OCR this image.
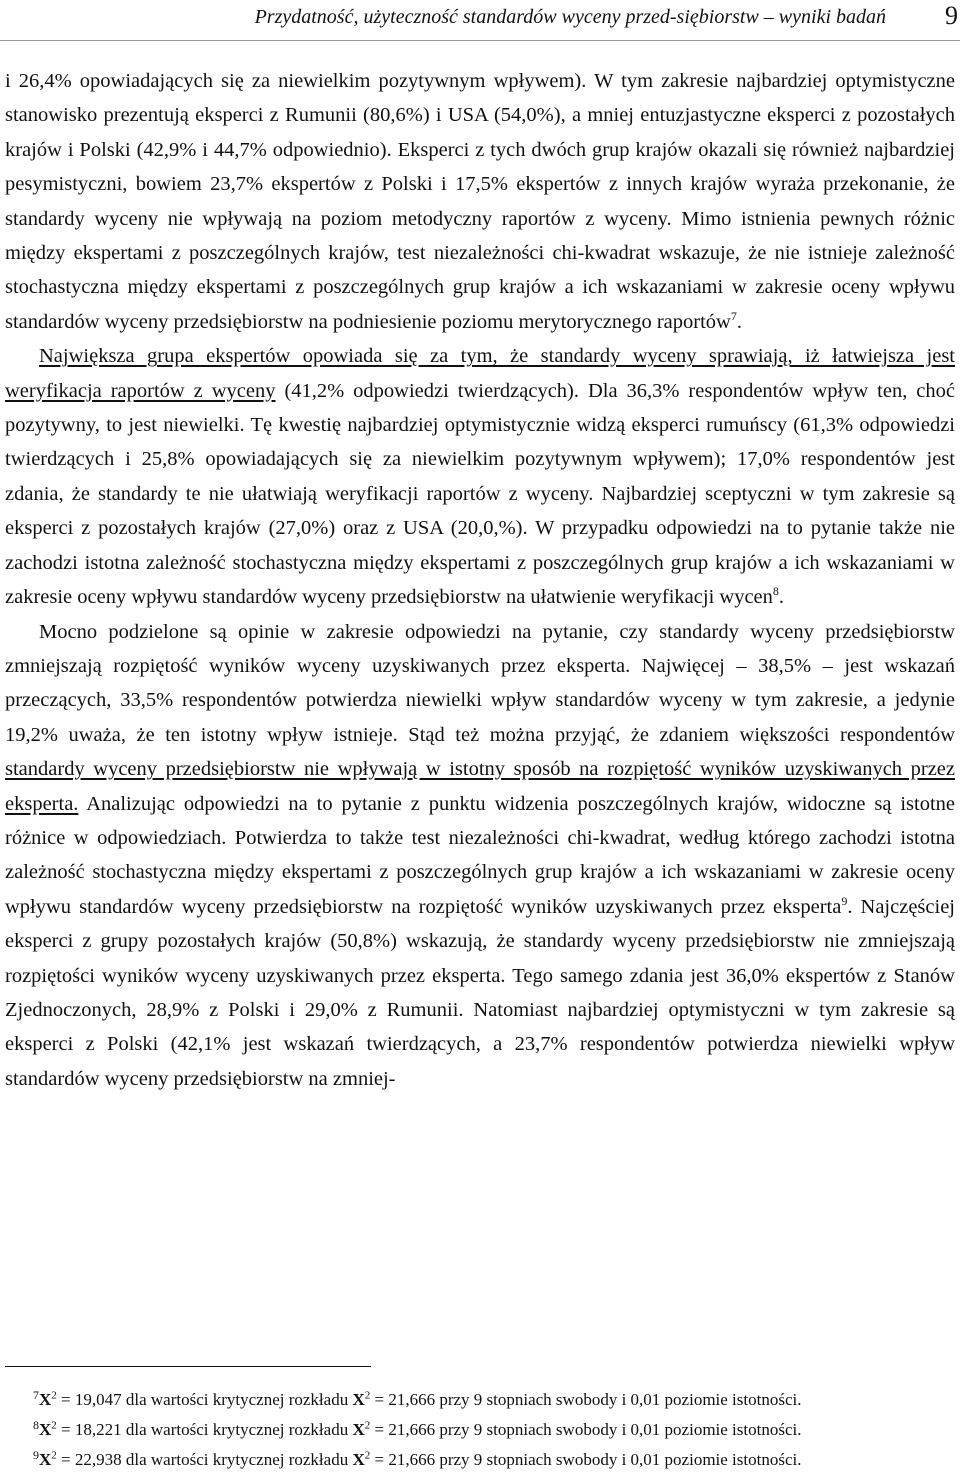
Przydatność, użyteczność standardów wyceny przed-siębiorstw – wyniki badań 9

i 26,4% opowiadających się za niewielkim pozytywnym wpływem). W tym zakresie najbardziej optymistyczne stanowisko prezentują eksperci z Rumunii (80,6%) i USA (54,0%), a mniej entuzjastyczne eksperci z pozostałych krajów i Polski (42,9% i 44,7% odpowiednio). Eksperci z tych dwóch grup krajów okazali się również najbardziej pesymistyczni, bowiem 23,7% ekspertów z Polski i 17,5% ekspertów z innych krajów wyraża przekonanie, że standardy wyceny nie wpływają na poziom metodyczny raportów z wyceny. Mimo istnienia pewnych różnic między ekspertami z poszczególnych krajów, test niezależności chi-kwadrat wskazuje, że nie istnieje zależność stochastyczna między ekspertami z poszczególnych grup krajów a ich wskazaniami w zakresie oceny wpływu standardów wyceny przedsiębiorstw na podniesienie poziomu merytorycznego raportów$^7$.

Największa grupa ekspertów opowiada się za tym, że standardy wyceny sprawiają, iż łatwiejsza jest weryfikacja raportów z wyceny (41,2% odpowiedzi twierdzących). Dla 36,3% respondentów wpływ ten, choć pozytywny, to jest niewielki. Tę kwestię najbardziej optymistycznie widzą eksperci rumuńscy (61,3% odpowiedzi twierdzących i 25,8% opowiadających się za niewielkim pozytywnym wpływem); 17,0% respondentów jest zdania, że standardy te nie ułatwiają weryfikacji raportów z wyceny. Najbardziej sceptyczni w tym zakresie są eksperci z pozostałych krajów (27,0%) oraz z USA (20,0,%). W przypadku odpowiedzi na to pytanie także nie zachodzi istotna zależność stochastyczna między ekspertami z poszczególnych grup krajów a ich wskazaniami w zakresie oceny wpływu standardów wyceny przedsiębiorstw na ułatwienie weryfikacji wycen$^8$.

Mocno podzielone są opinie w zakresie odpowiedzi na pytanie, czy standardy wyceny przedsiębiorstw zmniejszają rozpiętość wyników wyceny uzyskiwanych przez eksperta. Najwięcej – 38,5% – jest wskazań przeczących, 33,5% respondentów potwierdza niewielki wpływ standardów wyceny w tym zakresie, a jedynie 19,2% uważa, że ten istotny wpływ istnieje. Stąd też można przyjąć, że zdaniem większości respondentów standardy wyceny przedsiębiorstw nie wpływają w istotny sposób na rozpiętość wyników uzyskiwanych przez eksperta. Analizując odpowiedzi na to pytanie z punktu widzenia poszczególnych krajów, widoczne są istotne różnice w odpowiedziach. Potwierdza to także test niezależności chi-kwadrat, według którego zachodzi istotna zależność stochastyczna między ekspertami z poszczególnych grup krajów a ich wskazaniami w zakresie oceny wpływu standardów wyceny przedsiębiorstw na rozpiętość wyników uzyskiwanych przez eksperta$^9$. Najczęściej eksperci z grupy pozostałych krajów (50,8%) wskazują, że standardy wyceny przedsiębiorstw nie zmniejszają rozpiętości wyników wyceny uzyskiwanych przez eksperta. Tego samego zdania jest 36,0% ekspertów z Stanów Zjednoczonych, 28,9% z Polski i 29,0% z Rumunii. Natomiast najbardziej optymistyczni w tym zakresie są eksperci z Polski (42,1% jest wskazań twierdzących, a 23,7% respondentów potwierdza niewielki wpływ standardów wyceny przedsiębiorstw na zmniej-

7 X$^2$ = 19,047 dla wartości krytycznej rozkładu X$^2$ = 21,666 przy 9 stopniach swobody i 0,01 poziomie istotności.
8 X$^2$ = 18,221 dla wartości krytycznej rozkładu X$^2$ = 21,666 przy 9 stopniach swobody i 0,01 poziomie istotności.
9 X$^2$ = 22,938 dla wartości krytycznej rozkładu X$^2$ = 21,666 przy 9 stopniach swobody i 0,01 poziomie istotności.
